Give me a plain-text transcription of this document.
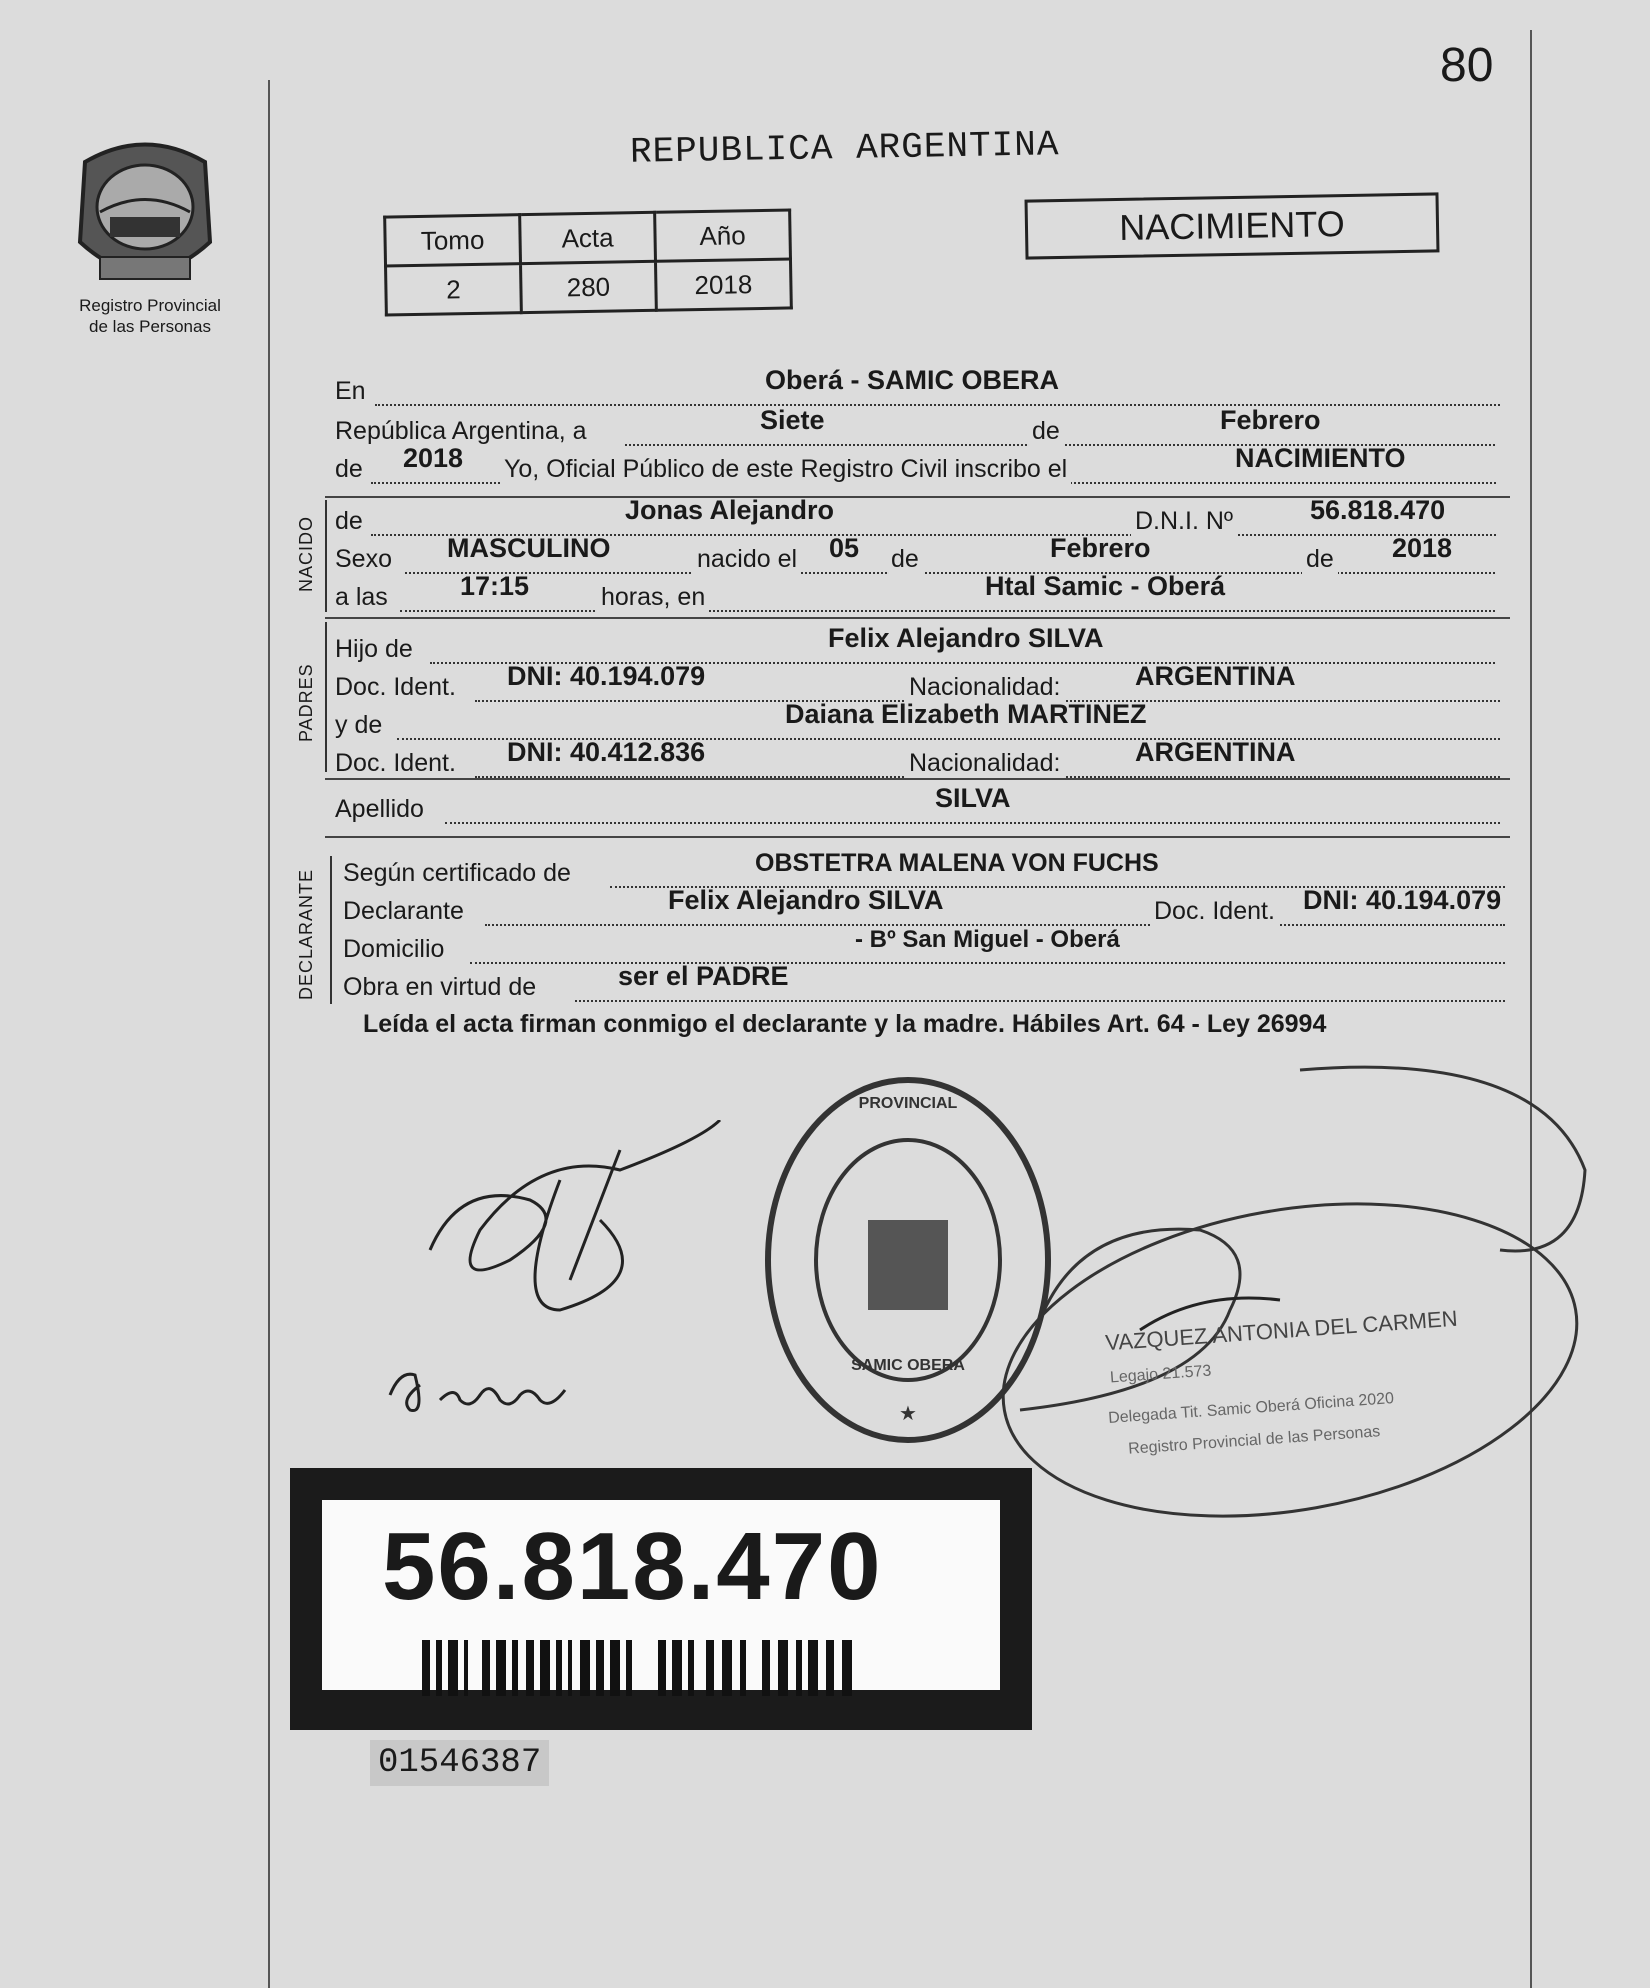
80
Registro Provincial
de las Personas
REPUBLICA ARGENTINA
Tomo	Acta	Año
2	280	2018
NACIMIENTO
En	Oberá - SAMIC OBERA
República Argentina, a	Siete	de	Febrero
de 2018 Yo, Oficial Público de este Registro Civil inscribo el	NACIMIENTO
NACIDO de	Jonas Alejandro	D.N.I. Nº	56.818.470
Sexo MASCULINO	nacido el 05 de	Febrero	de 2018
a las	17:15	horas, en	Htal Samic - Oberá
PADRES
Hijo de	Felix Alejandro SILVA
Doc. Ident. DNI: 40.194.079	Nacionalidad:	ARGENTINA
y de	Daiana Elizabeth MARTINEZ
Doc. Ident. DNI: 40.412.836	Nacionalidad:	ARGENTINA
Apellido	SILVA
DECLARANTE Según certificado de	OBSTETRA MALENA VON FUCHS
Declarante	Felix Alejandro SILVA	Doc. Ident. DNI: 40.194.079
Domicilio	- Bº San Miguel - Oberá
Obra en virtud de	ser el PADRE
Leída el acta firman conmigo el declarante y la madre. Hábiles Art. 64 - Ley 26994
PROVINCIAL
SAMIC OBERA
★
VAZQUEZ ANTONIA DEL CARMEN
Legajo 21.573
Delegada Tit. Samic Oberá Oficina 2020
Registro Provincial de las Personas
56.818.470
01546387
